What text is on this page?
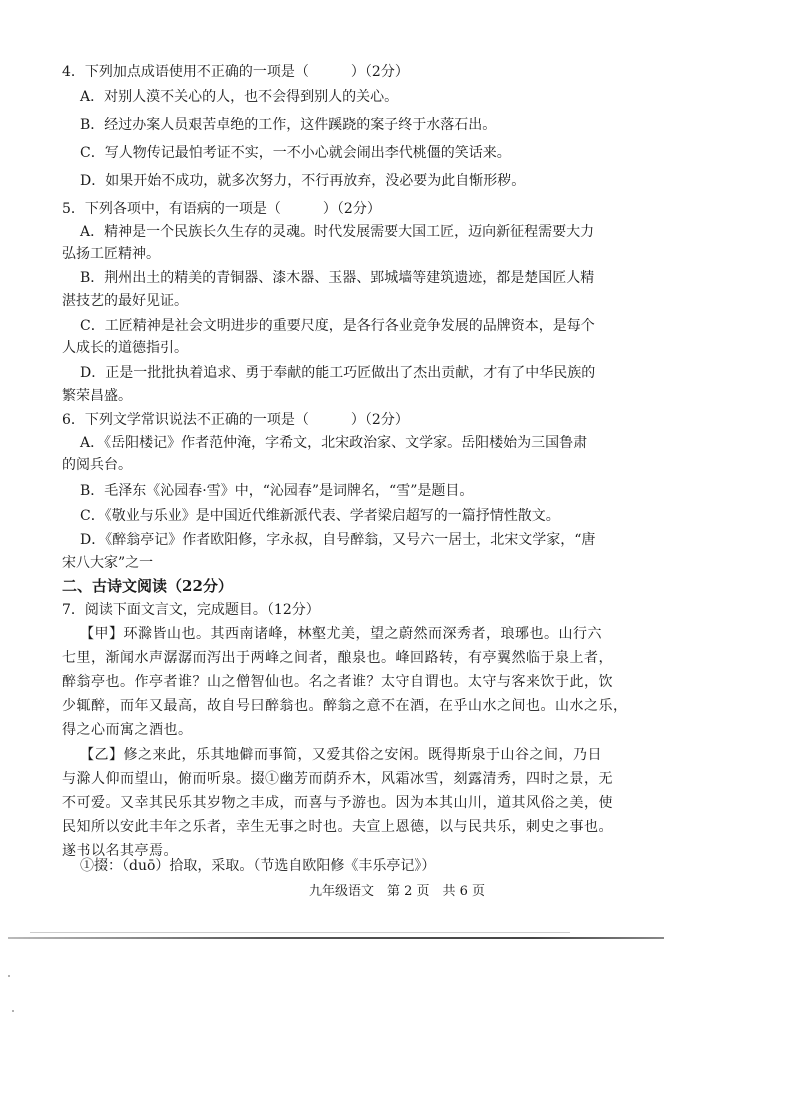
4．下列加点成语使用不正确的一项是（　　　）（2分）
A．对别人漠不关心的人，也不会得到别人的关心。
B．经过办案人员艰苦卓绝的工作，这件蹊跷的案子终于水落石出。
C．写人物传记最怕考证不实，一不小心就会闹出李代桃僵的笑话来。
D．如果开始不成功，就多次努力，不行再放弃，没必要为此自惭形秽。
5．下列各项中，有语病的一项是（　　　）（2分）
A．精神是一个民族长久生存的灵魂。时代发展需要大国工匠，迈向新征程需要大力
弘扬工匠精神。
B．荆州出土的精美的青铜器、漆木器、玉器、郢城墙等建筑遗迹，都是楚国匠人精
湛技艺的最好见证。
C．工匠精神是社会文明进步的重要尺度，是各行各业竞争发展的品牌资本，是每个
人成长的道德指引。
D．正是一批批执着追求、勇于奉献的能工巧匠做出了杰出贡献，才有了中华民族的
繁荣昌盛。
6．下列文学常识说法不正确的一项是（　　　）（2分）
A．《岳阳楼记》作者范仲淹，字希文，北宋政治家、文学家。岳阳楼始为三国鲁肃
的阅兵台。
B．毛泽东《沁园春·雪》中，“沁园春”是词牌名，“雪”是题目。
C．《敬业与乐业》是中国近代维新派代表、学者梁启超写的一篇抒情性散文。
D．《醉翁亭记》作者欧阳修，字永叔，自号醉翁，又号六一居士，北宋文学家，“唐
宋八大家”之一
二、古诗文阅读（22分）
7．阅读下面文言文，完成题目。（12分）
【甲】环滁皆山也。其西南诸峰，林壑尤美，望之蔚然而深秀者，琅琊也。山行六
七里，渐闻水声潺潺而泻出于两峰之间者，酿泉也。峰回路转，有亭翼然临于泉上者，
醉翁亭也。作亭者谁？山之僧智仙也。名之者谁？太守自谓也。太守与客来饮于此，饮
少辄醉，而年又最高，故自号曰醉翁也。醉翁之意不在酒，在乎山水之间也。山水之乐，
得之心而寓之酒也。
【乙】修之来此，乐其地僻而事简，又爱其俗之安闲。既得斯泉于山谷之间，乃日
与滁人仰而望山，俯而听泉。掇①幽芳而荫乔木，风霜冰雪，刻露清秀，四时之景，无
不可爱。又幸其民乐其岁物之丰成，而喜与予游也。因为本其山川，道其风俗之美，使
民知所以安此丰年之乐者，幸生无事之时也。夫宣上恩德，以与民共乐，刺史之事也。
遂书以名其亭焉。
①掇：（duō）拾取，采取。（节选自欧阳修《丰乐亭记》）
九年级语文　第 2 页　共 6 页
